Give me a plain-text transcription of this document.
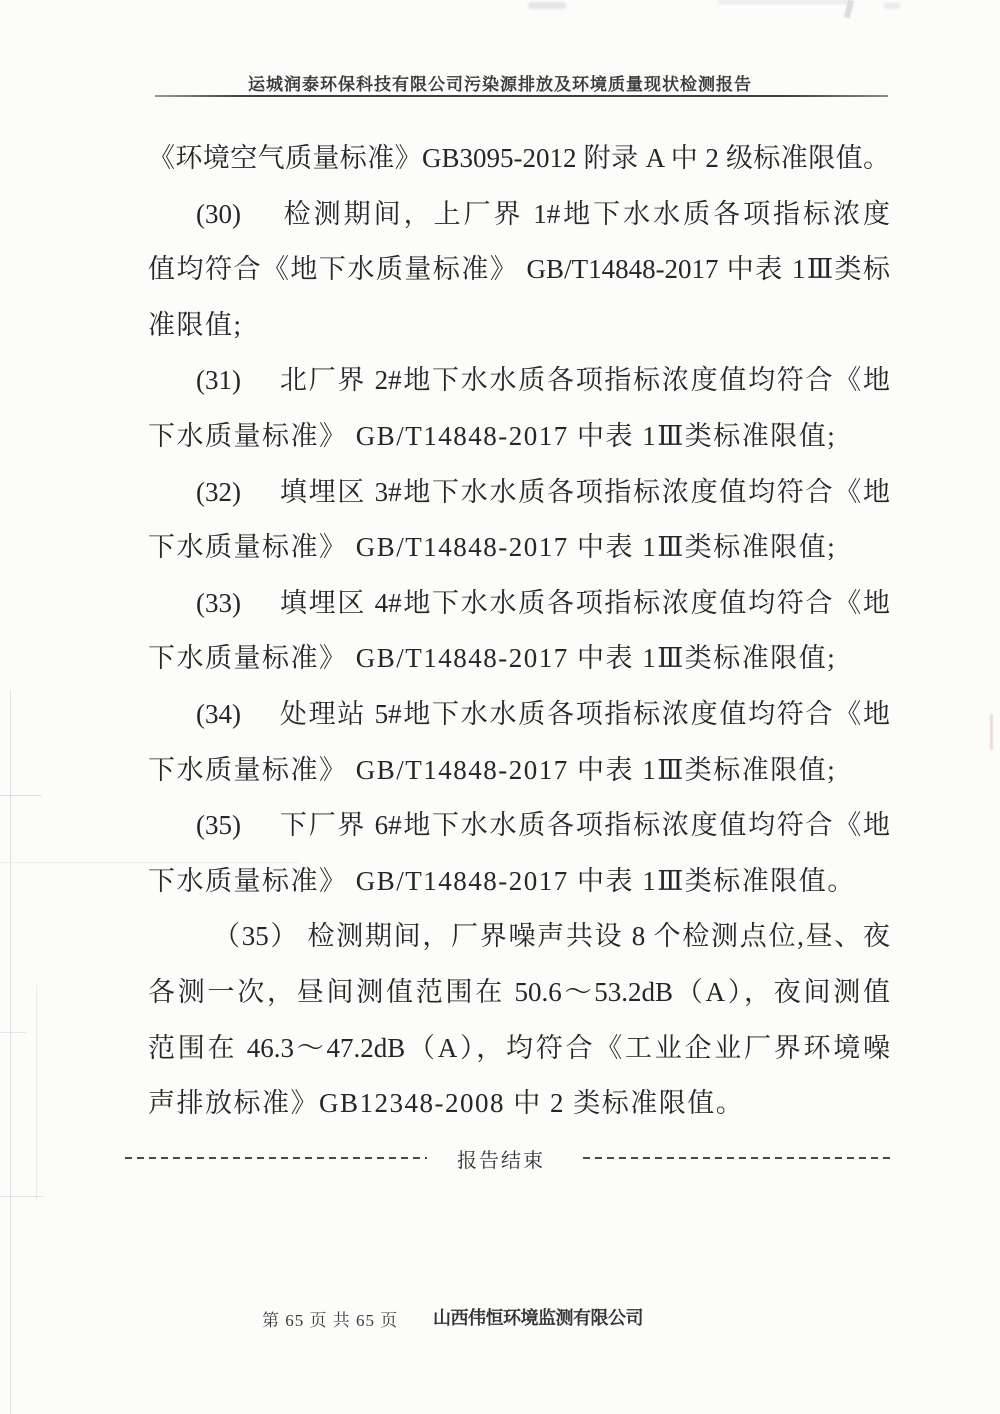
运城润泰环保科技有限公司污染源排放及环境质量现状检测报告
《环境空气质量标准》GB3095-2012 附录 A 中 2 级标准限值。
(30)　 检测期间，上厂界 1#地下水水质各项指标浓度
值均符合《地下水质量标准》 GB/T14848-2017 中表 1Ⅲ类标
准限值;
(31)　 北厂界 2#地下水水质各项指标浓度值均符合《地
下水质量标准》 GB/T14848-2017 中表 1Ⅲ类标准限值;
(32)　 填埋区 3#地下水水质各项指标浓度值均符合《地
下水质量标准》 GB/T14848-2017 中表 1Ⅲ类标准限值;
(33)　 填埋区 4#地下水水质各项指标浓度值均符合《地
下水质量标准》 GB/T14848-2017 中表 1Ⅲ类标准限值;
(34)　 处理站 5#地下水水质各项指标浓度值均符合《地
下水质量标准》 GB/T14848-2017 中表 1Ⅲ类标准限值;
(35)　 下厂界 6#地下水水质各项指标浓度值均符合《地
下水质量标准》 GB/T14848-2017 中表 1Ⅲ类标准限值。
（35） 检测期间，厂界噪声共设 8 个检测点位,昼、夜
各测一次，昼间测值范围在 50.6～53.2dB（A），夜间测值
范围在 46.3～47.2dB（A），均符合《工业企业厂界环境噪
声排放标准》GB12348-2008 中 2 类标准限值。
报告结束
第 65 页 共 65 页 山西伟恒环境监测有限公司
